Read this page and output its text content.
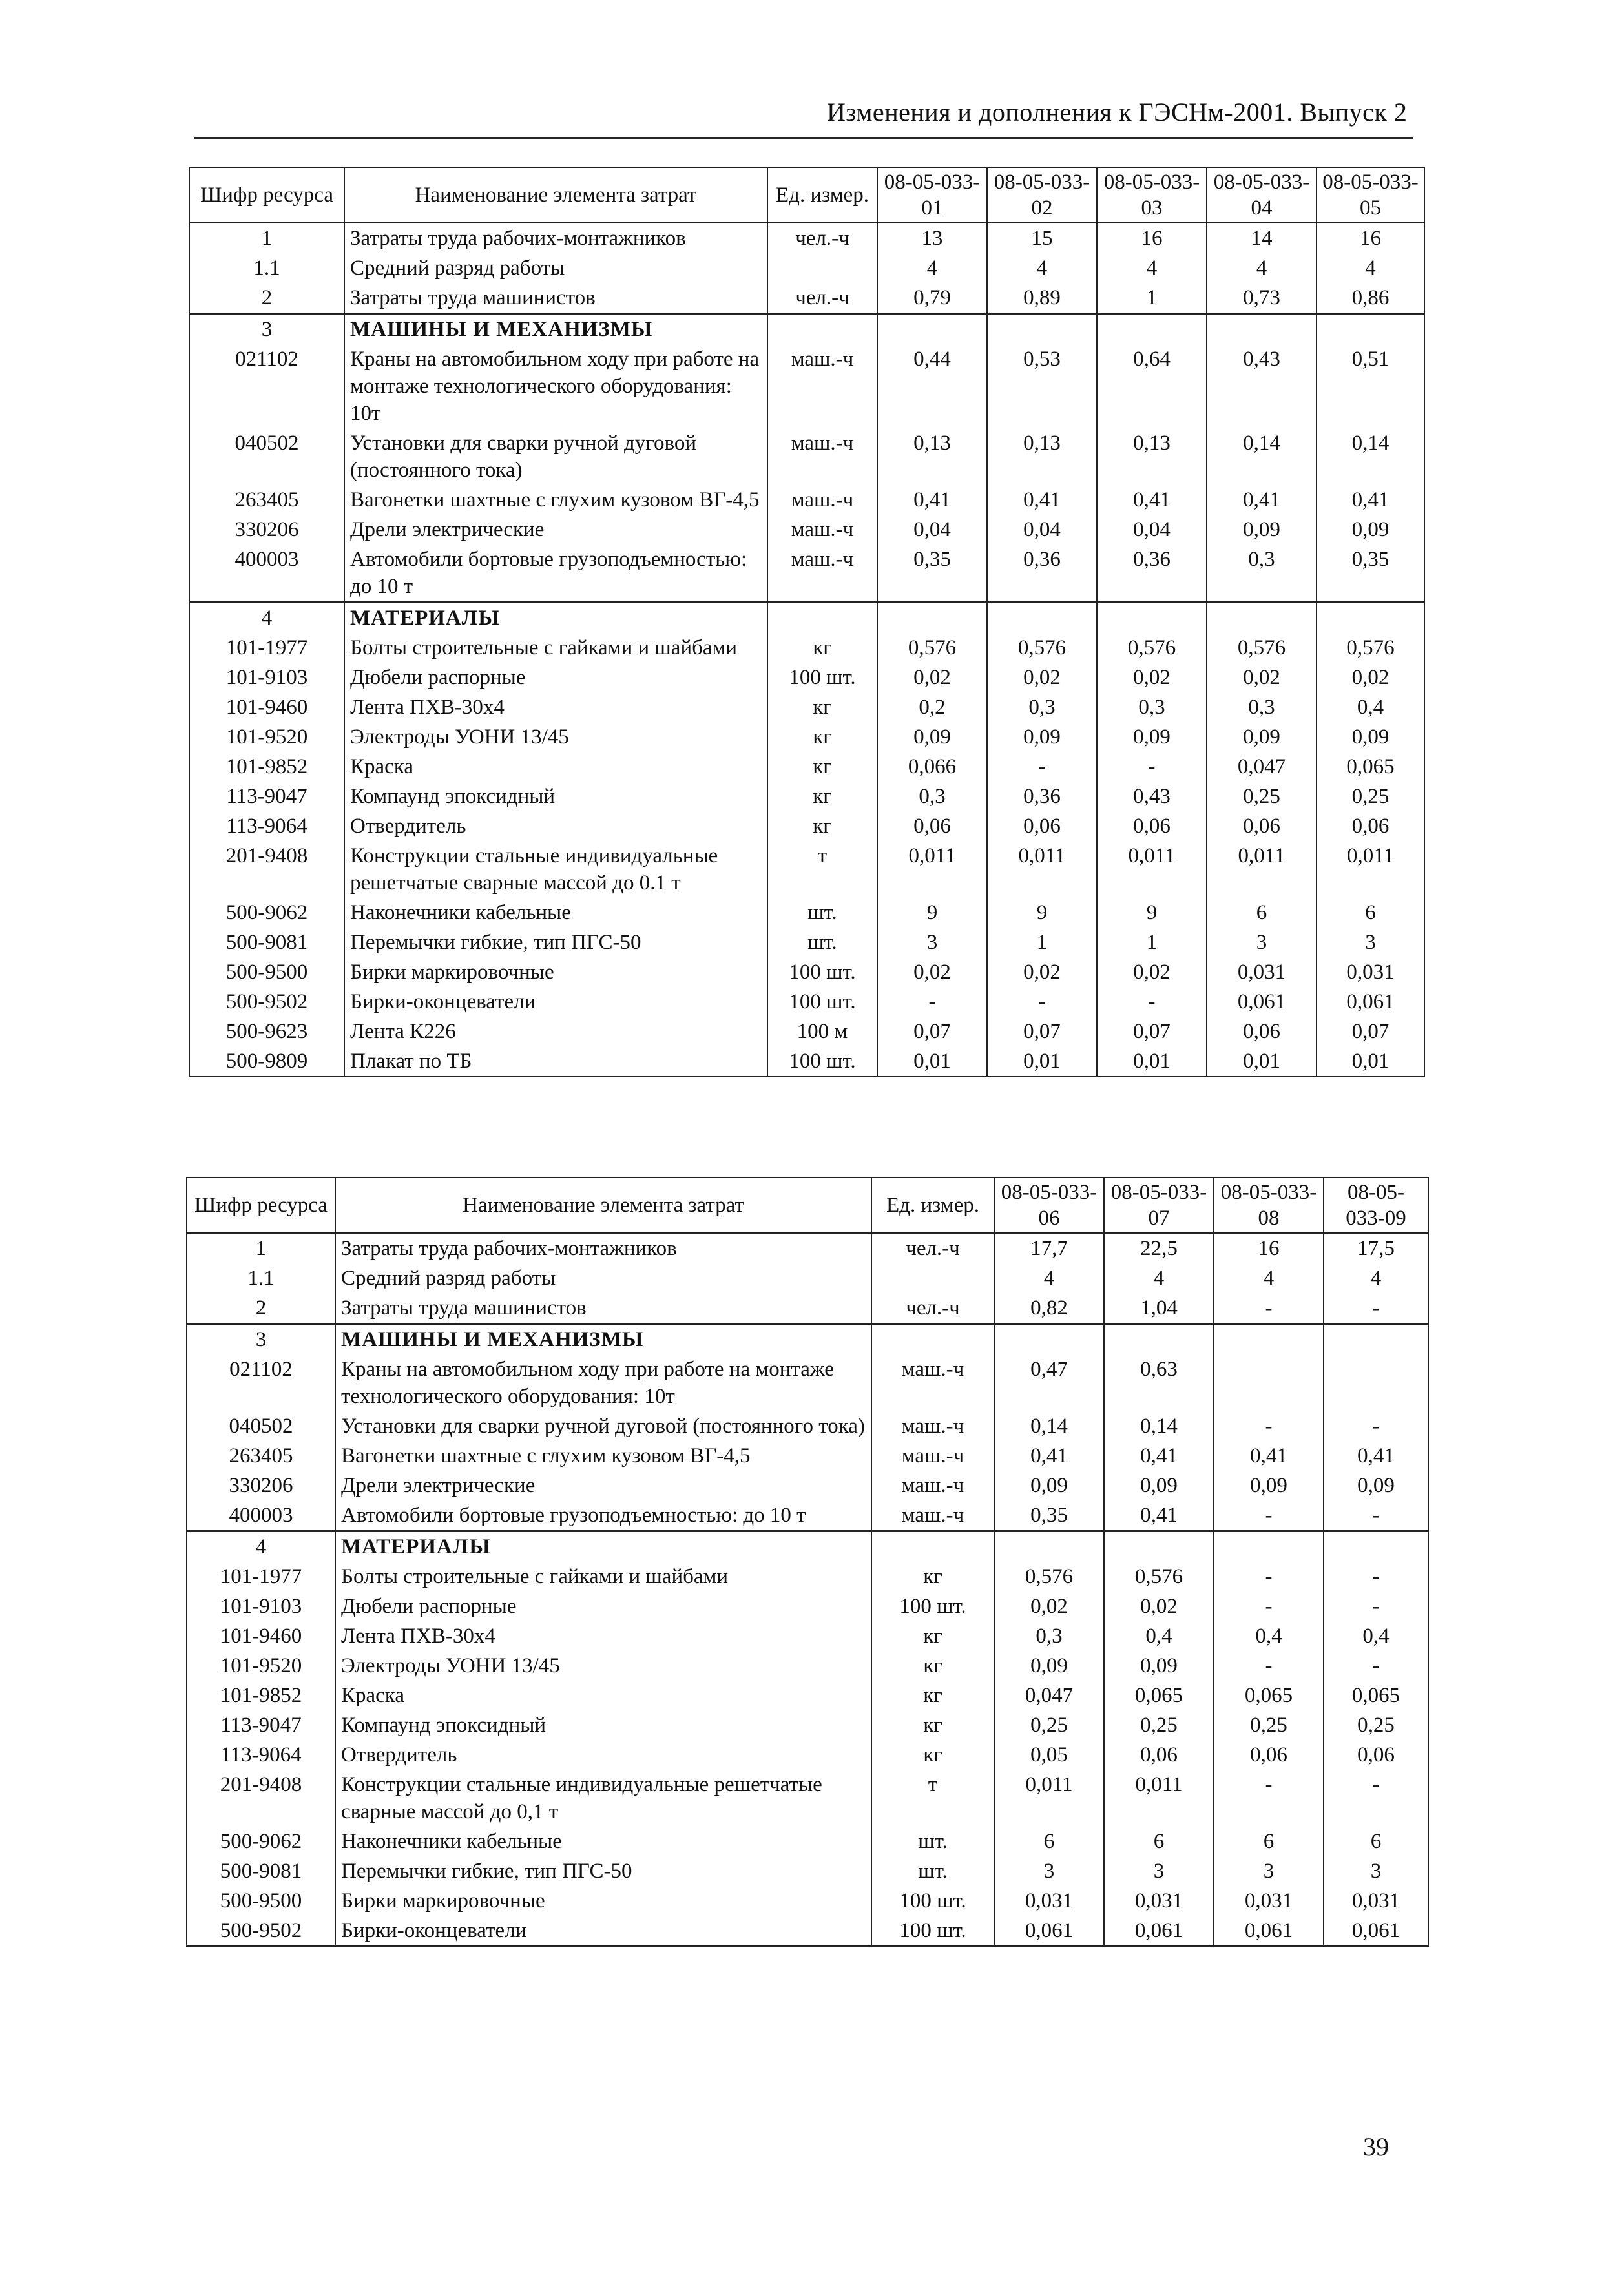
Изменения и дополнения к ГЭСНм-2001. Выпуск 2
Шифр ресурса	Наименование элемента затрат	Ед. измер.	08-05-033-01	08-05-033-02	08-05-033-03	08-05-033-04	08-05-033-05
1	Затраты труда рабочих-монтажников	чел.-ч	13	15	16	14	16
1.1	Средний разряд работы		4	4	4	4	4
2	Затраты труда машинистов	чел.-ч	0,79	0,89	1	0,73	0,86
3	МАШИНЫ И МЕХАНИЗМЫ						
021102	Краны на автомобильном ходу при работе на монтаже технологического оборудования: 10т	маш.-ч	0,44	0,53	0,64	0,43	0,51
040502	Установки для сварки ручной дуговой (постоянного тока)	маш.-ч	0,13	0,13	0,13	0,14	0,14
263405	Вагонетки шахтные с глухим кузовом ВГ-4,5	маш.-ч	0,41	0,41	0,41	0,41	0,41
330206	Дрели электрические	маш.-ч	0,04	0,04	0,04	0,09	0,09
400003	Автомобили бортовые грузоподъемностью: до 10 т	маш.-ч	0,35	0,36	0,36	0,3	0,35
4	МАТЕРИАЛЫ						
101-1977	Болты строительные с гайками и шайбами	кг	0,576	0,576	0,576	0,576	0,576
101-9103	Дюбели распорные	100 шт.	0,02	0,02	0,02	0,02	0,02
101-9460	Лента ПХВ-30х4	кг	0,2	0,3	0,3	0,3	0,4
101-9520	Электроды УОНИ 13/45	кг	0,09	0,09	0,09	0,09	0,09
101-9852	Краска	кг	0,066	-	-	0,047	0,065
113-9047	Компаунд эпоксидный	кг	0,3	0,36	0,43	0,25	0,25
113-9064	Отвердитель	кг	0,06	0,06	0,06	0,06	0,06
201-9408	Конструкции стальные индивидуальные решетчатые сварные массой до 0.1 т	т	0,011	0,011	0,011	0,011	0,011
500-9062	Наконечники кабельные	шт.	9	9	9	6	6
500-9081	Перемычки гибкие, тип ПГС-50	шт.	3	1	1	3	3
500-9500	Бирки маркировочные	100 шт.	0,02	0,02	0,02	0,031	0,031
500-9502	Бирки-оконцеватели	100 шт.	-	-	-	0,061	0,061
500-9623	Лента К226	100 м	0,07	0,07	0,07	0,06	0,07
500-9809	Плакат по ТБ	100 шт.	0,01	0,01	0,01	0,01	0,01
Шифр ресурса	Наименование элемента затрат	Ед. измер.	08-05-033-06	08-05-033-07	08-05-033-08	08-05-033-09
1	Затраты труда рабочих-монтажников	чел.-ч	17,7	22,5	16	17,5
1.1	Средний разряд работы		4	4	4	4
2	Затраты труда машинистов	чел.-ч	0,82	1,04	-	-
3	МАШИНЫ И МЕХАНИЗМЫ					
021102	Краны на автомобильном ходу при работе на монтаже технологического оборудования: 10т	маш.-ч	0,47	0,63		
040502	Установки для сварки ручной дуговой (постоянного тока)	маш.-ч	0,14	0,14	-	-
263405	Вагонетки шахтные с глухим кузовом ВГ-4,5	маш.-ч	0,41	0,41	0,41	0,41
330206	Дрели электрические	маш.-ч	0,09	0,09	0,09	0,09
400003	Автомобили бортовые грузоподъемностью: до 10 т	маш.-ч	0,35	0,41	-	-
4	МАТЕРИАЛЫ					
101-1977	Болты строительные с гайками и шайбами	кг	0,576	0,576	-	-
101-9103	Дюбели распорные	100 шт.	0,02	0,02	-	-
101-9460	Лента ПХВ-30х4	кг	0,3	0,4	0,4	0,4
101-9520	Электроды УОНИ 13/45	кг	0,09	0,09	-	-
101-9852	Краска	кг	0,047	0,065	0,065	0,065
113-9047	Компаунд эпоксидный	кг	0,25	0,25	0,25	0,25
113-9064	Отвердитель	кг	0,05	0,06	0,06	0,06
201-9408	Конструкции стальные индивидуальные решетчатые сварные массой до 0,1 т	т	0,011	0,011	-	-
500-9062	Наконечники кабельные	шт.	6	6	6	6
500-9081	Перемычки гибкие, тип ПГС-50	шт.	3	3	3	3
500-9500	Бирки маркировочные	100 шт.	0,031	0,031	0,031	0,031
500-9502	Бирки-оконцеватели	100 шт.	0,061	0,061	0,061	0,061
39
